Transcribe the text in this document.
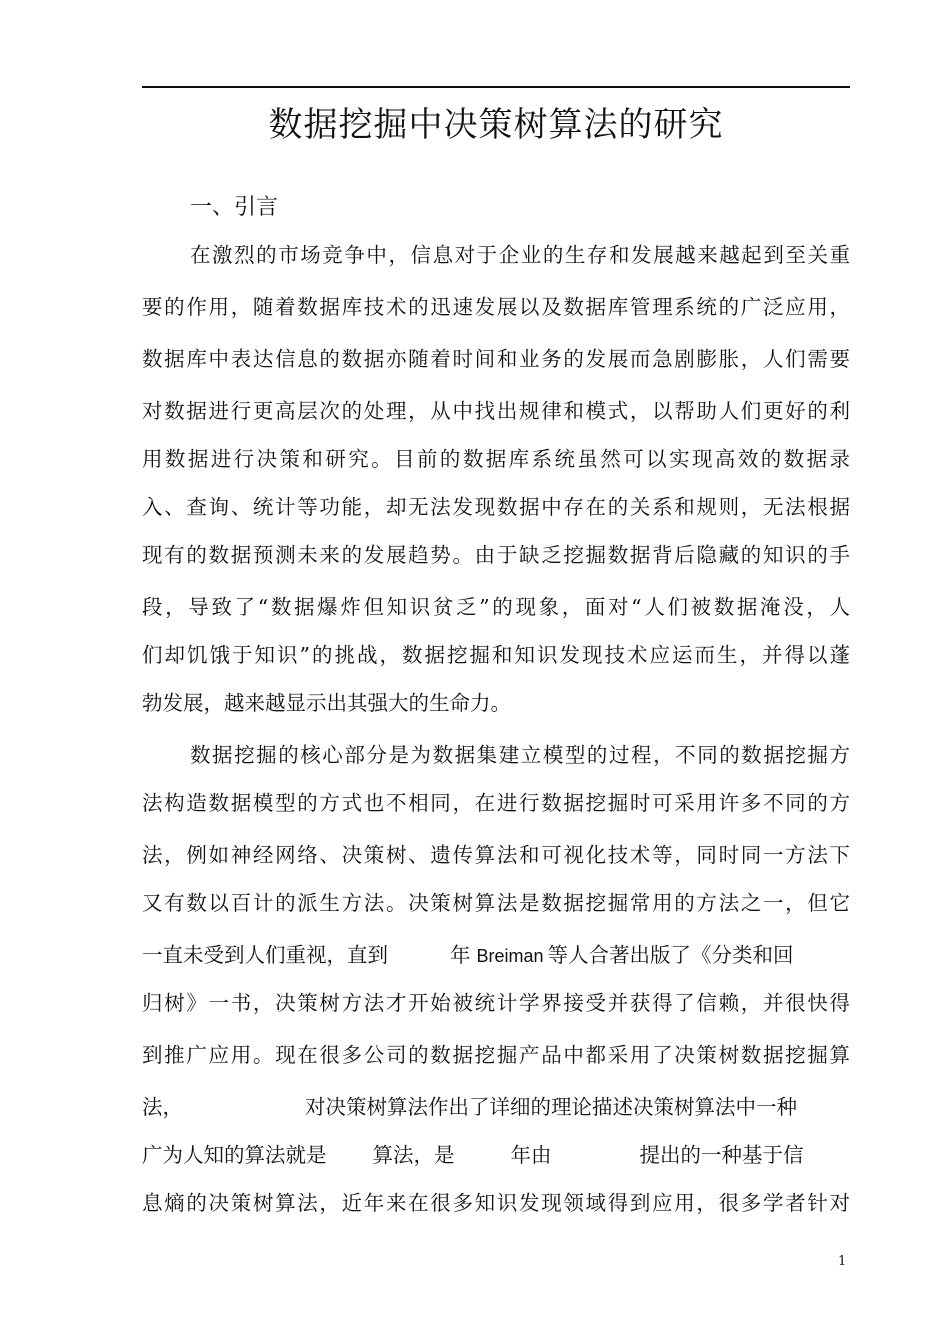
数据挖掘中决策树算法的研究
一、引言
在激烈的市场竞争中，信息对于企业的生存和发展越来越起到至关重
要的作用，随着数据库技术的迅速发展以及数据库管理系统的广泛应用，
数据库中表达信息的数据亦随着时间和业务的发展而急剧膨胀，人们需要
对数据进行更高层次的处理，从中找出规律和模式，以帮助人们更好的利
用数据进行决策和研究。目前的数据库系统虽然可以实现高效的数据录
入、查询、统计等功能，却无法发现数据中存在的关系和规则，无法根据
现有的数据预测未来的发展趋势。由于缺乏挖掘数据背后隐藏的知识的手
段，导致了“数据爆炸但知识贫乏”的现象，面对“人们被数据淹没，人
们却饥饿于知识”的挑战，数据挖掘和知识发现技术应运而生，并得以蓬
勃发展，越来越显示出其强大的生命力。
数据挖掘的核心部分是为数据集建立模型的过程，不同的数据挖掘方
法构造数据模型的方式也不相同，在进行数据挖掘时可采用许多不同的方
法，例如神经网络、决策树、遗传算法和可视化技术等，同时同一方法下
又有数以百计的派生方法。决策树算法是数据挖掘常用的方法之一，但它
一直未受到人们重视，直到	年 Breiman 等人合著出版了《分类和回
归树》一书，决策树方法才开始被统计学界接受并获得了信赖，并很快得
到推广应用。现在很多公司的数据挖掘产品中都采用了决策树数据挖掘算
法，	对决策树算法作出了详细的理论描述决策树算法中一种
广为人知的算法就是 算法，是	年由	提出的一种基于信
息熵的决策树算法，近年来在很多知识发现领域得到应用，很多学者针对
1
